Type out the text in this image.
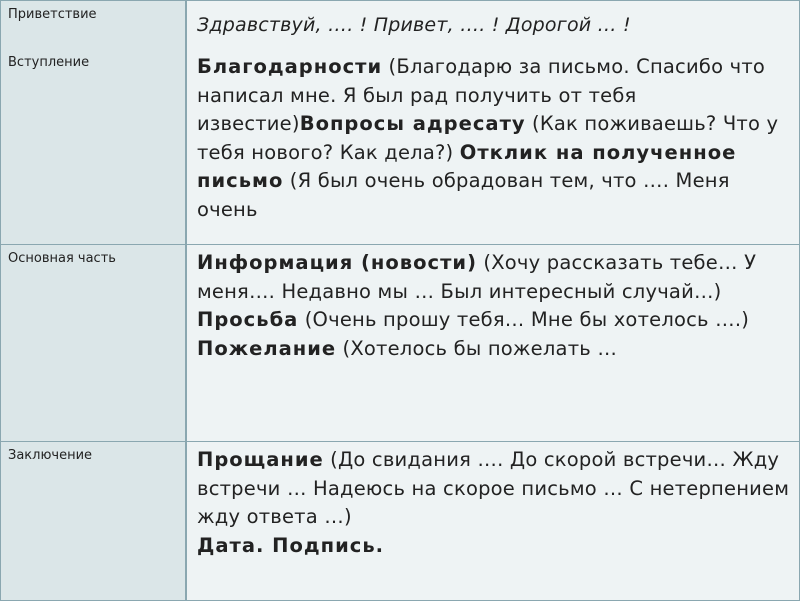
Приветствие	Здравствуй, …. ! Привет, …. ! Дорогой … !
Вступление	Благодарности (Благодарю за письмо. Спасибо что написал мне. Я был рад получить от тебя известие)Вопросы адресату (Как поживаешь? Что у тебя нового? Как дела?) Отклик на полученное письмо (Я был очень обрадован тем, что …. Меня очень
Основная часть	Информация (новости) (Хочу рассказать тебе… У меня…. Недавно мы … Был интересный случай…)
Просьба (Очень прошу тебя… Мне бы хотелось ….)
Пожелание (Хотелось бы пожелать …
Заключение	Прощание (До свидания …. До скорой встречи… Жду встречи … Надеюсь на скорое письмо … С нетерпением жду ответа …)
Дата. Подпись.
